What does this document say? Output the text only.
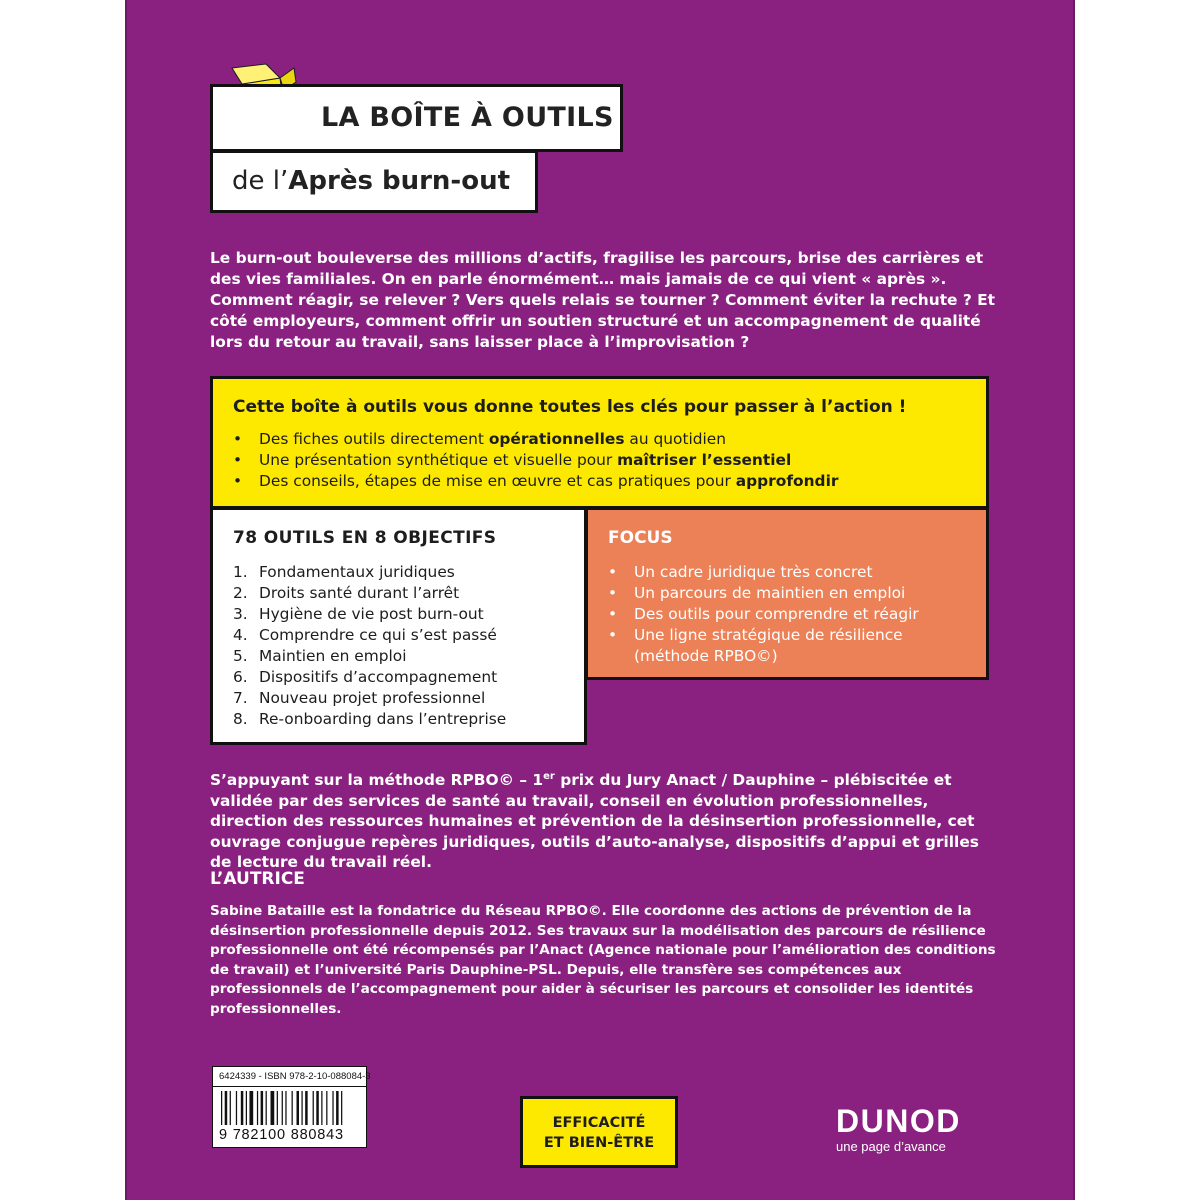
LA BOÎTE À OUTILS
de l’Après burn-out
Le burn-out bouleverse des millions d’actifs, fragilise les parcours, brise des carrières et des vies familiales. On en parle énormément… mais jamais de ce qui vient « après ». Comment réagir, se relever ? Vers quels relais se tourner ? Comment éviter la rechute ? Et côté employeurs, comment offrir un soutien structuré et un accompagnement de qualité lors du retour au travail, sans laisser place à l’improvisation ?
Cette boîte à outils vous donne toutes les clés pour passer à l’action !
• Des fiches outils directement opérationnelles au quotidien
• Une présentation synthétique et visuelle pour maîtriser l’essentiel
• Des conseils, étapes de mise en œuvre et cas pratiques pour approfondir
78 OUTILS EN 8 OBJECTIFS
1. Fondamentaux juridiques
2. Droits santé durant l’arrêt
3. Hygiène de vie post burn-out
4. Comprendre ce qui s’est passé
5. Maintien en emploi
6. Dispositifs d’accompagnement
7. Nouveau projet professionnel
8. Re-onboarding dans l’entreprise
FOCUS
• Un cadre juridique très concret
• Un parcours de maintien en emploi
• Des outils pour comprendre et réagir
• Une ligne stratégique de résilience (méthode RPBO©)
S’appuyant sur la méthode RPBO© – 1er prix du Jury Anact / Dauphine – plébiscitée et validée par des services de santé au travail, conseil en évolution professionnelles, direction des ressources humaines et prévention de la désinsertion professionnelle, cet ouvrage conjugue repères juridiques, outils d’auto-analyse, dispositifs d’appui et grilles de lecture du travail réel.
L’AUTRICE
Sabine Bataille est la fondatrice du Réseau RPBO©. Elle coordonne des actions de prévention de la désinsertion professionnelle depuis 2012. Ses travaux sur la modélisation des parcours de résilience professionnelle ont été récompensés par l’Anact (Agence nationale pour l’amélioration des conditions de travail) et l’université Paris Dauphine-PSL. Depuis, elle transfère ses compétences aux professionnels de l’accompagnement pour aider à sécuriser les parcours et consolider les identités professionnelles.
6424339 - ISBN 978-2-10-088084-3
9 782100 880843
EFFICACITÉ
ET BIEN-ÊTRE
DUNOD
une page d’avance
